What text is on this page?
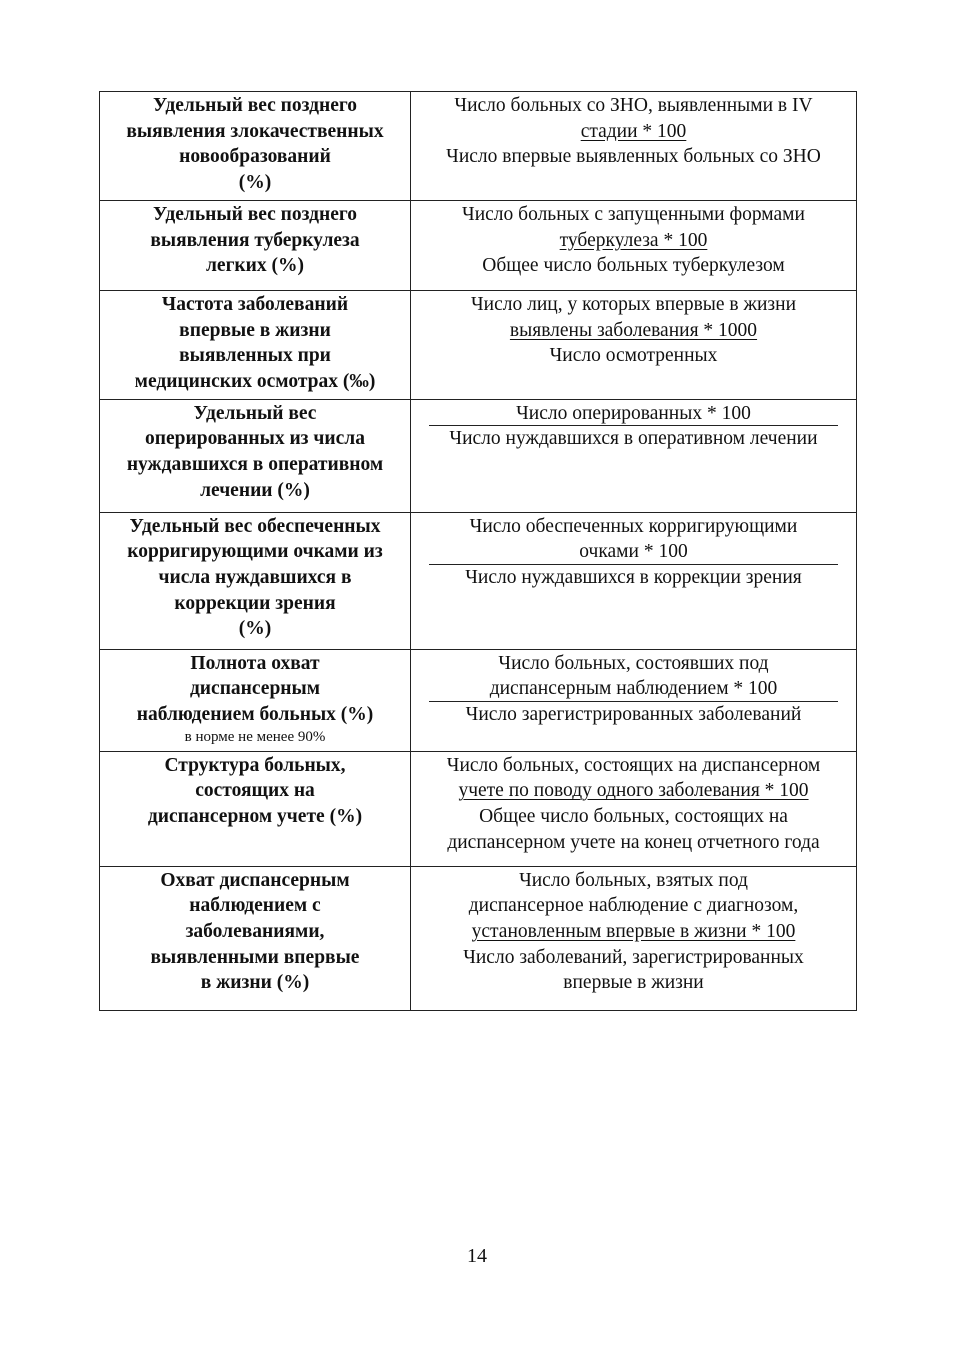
Удельный вес позднего
выявления злокачественных
новообразований
(%)	Число больных со ЗНО, выявленными в IV
стадии * 100
Число впервые выявленных больных со ЗНО

Удельный вес позднего
выявления туберкулеза
легких (%)	Число больных с запущенными формами
туберкулеза * 100
Общее число больных туберкулезом

Частота заболеваний
впервые в жизни
выявленных при
медицинских осмотрах (‰)	Число лиц, у которых впервые в жизни
выявлены заболевания * 1000
Число осмотренных

Удельный вес
оперированных из числа
нуждавшихся в оперативном
лечении (%)	Число оперированных * 100
Число нуждавшихся в оперативном лечении

Удельный вес обеспеченных
корригирующими очками из
числа нуждавшихся в
коррекции зрения
(%)	Число обеспеченных корригирующими
очками * 100
Число нуждавшихся в коррекции зрения

Полнота охват
диспансерным
наблюдением больных (%)
в норме не менее 90%	Число больных, состоявших под
диспансерным наблюдением * 100
Число зарегистрированных заболеваний

Структура больных,
состоящих на
диспансерном учете (%)	Число больных, состоящих на диспансерном
учете по поводу одного заболевания * 100
Общее число больных, состоящих на
диспансерном учете на конец отчетного года

Охват диспансерным
наблюдением с
заболеваниями,
выявленными впервые
в жизни (%)	Число больных, взятых под
диспансерное наблюдение с диагнозом,
установленным впервые в жизни * 100
Число заболеваний, зарегистрированных
впервые в жизни
14
